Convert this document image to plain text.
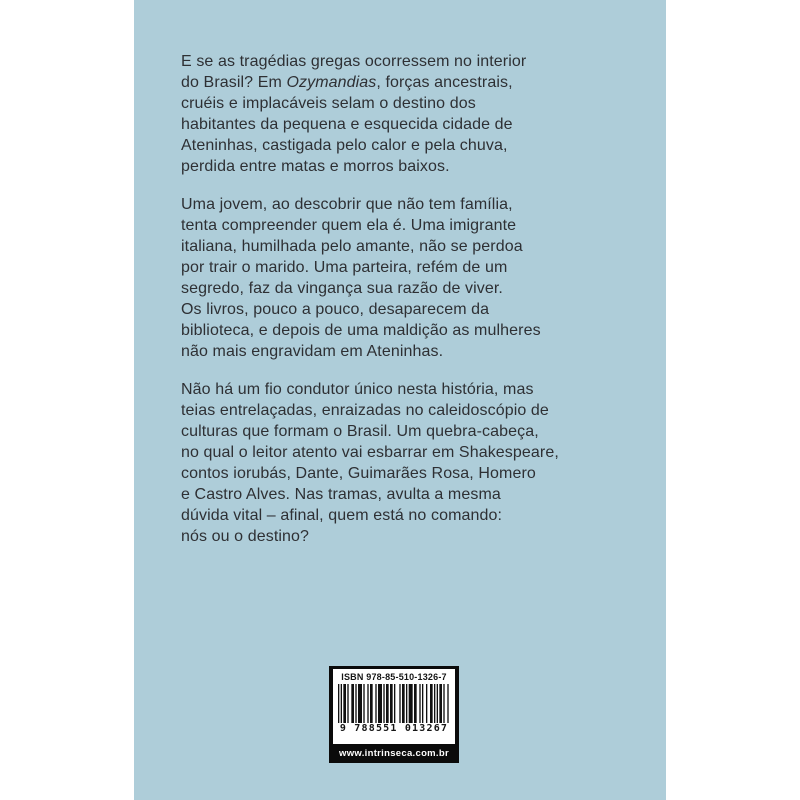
E se as tragédias gregas ocorressem no interior
do Brasil? Em Ozymandias, forças ancestrais,
cruéis e implacáveis selam o destino dos
habitantes da pequena e esquecida cidade de
Ateninhas, castigada pelo calor e pela chuva,
perdida entre matas e morros baixos.
Uma jovem, ao descobrir que não tem família,
tenta compreender quem ela é. Uma imigrante
italiana, humilhada pelo amante, não se perdoa
por trair o marido. Uma parteira, refém de um
segredo, faz da vingança sua razão de viver.
Os livros, pouco a pouco, desaparecem da
biblioteca, e depois de uma maldição as mulheres
não mais engravidam em Ateninhas.
Não há um fio condutor único nesta história, mas
teias entrelaçadas, enraizadas no caleidoscópio de
culturas que formam o Brasil. Um quebra-cabeça,
no qual o leitor atento vai esbarrar em Shakespeare,
contos iorubás, Dante, Guimarães Rosa, Homero
e Castro Alves. Nas tramas, avulta a mesma
dúvida vital – afinal, quem está no comando:
nós ou o destino?
ISBN 978-85-510-1326-7
9 788551 013267
www.intrinseca.com.br
